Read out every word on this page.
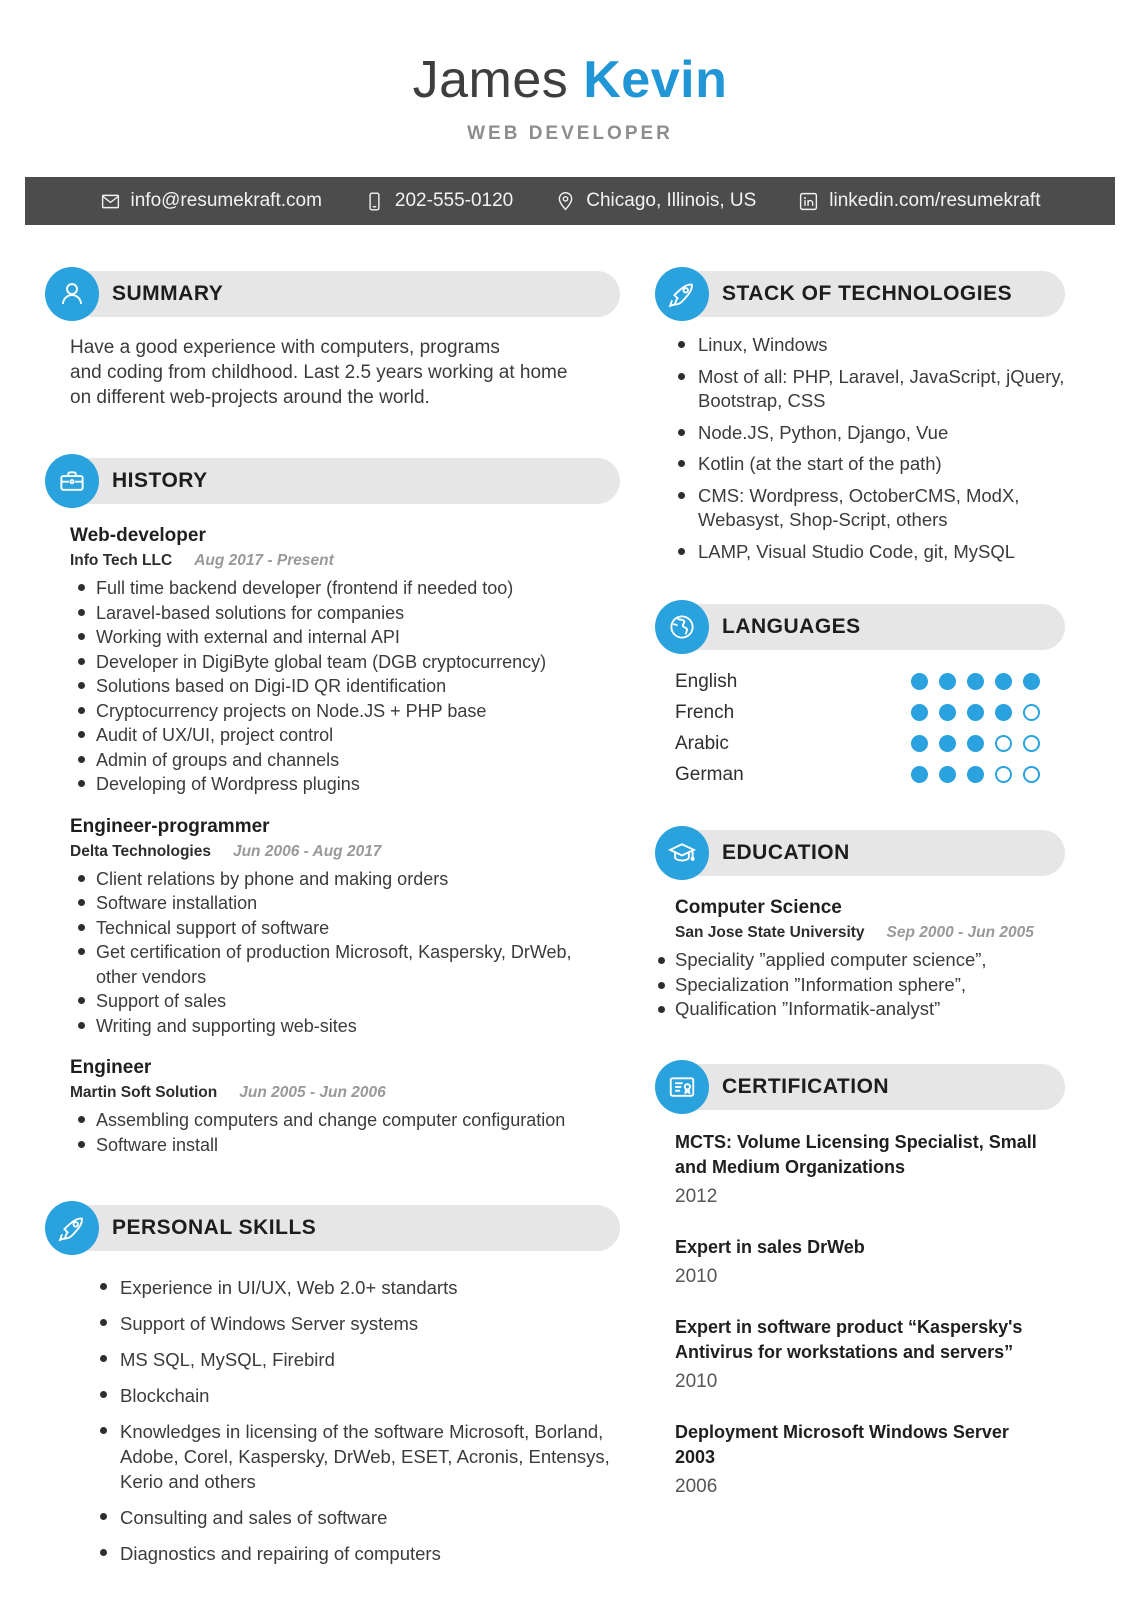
James Kevin
WEB DEVELOPER
info@resumekraft.com	202-555-0120	Chicago, Illinois, US	linkedin.com/resumekraft
SUMMARY
Have a good experience with computers, programs
and coding from childhood. Last 2.5 years working at home
on different web-projects around the world.
HISTORY
Web-developer
Info Tech LLC Aug 2017 - Present
Full time backend developer (frontend if needed too)
Laravel-based solutions for companies
Working with external and internal API
Developer in DigiByte global team (DGB cryptocurrency)
Solutions based on Digi-ID QR identification
Cryptocurrency projects on Node.JS + PHP base
Audit of UX/UI, project control
Admin of groups and channels
Developing of Wordpress plugins
Engineer-programmer
Delta Technologies Jun 2006 - Aug 2017
Client relations by phone and making orders
Software installation
Technical support of software
Get certification of production Microsoft, Kaspersky, DrWeb, other vendors
Support of sales
Writing and supporting web-sites
Engineer
Martin Soft Solution Jun 2005 - Jun 2006
Assembling computers and change computer configuration
Software install
PERSONAL SKILLS
Experience in UI/UX, Web 2.0+ standarts
Support of Windows Server systems
MS SQL, MySQL, Firebird
Blockchain
Knowledges in licensing of the software Microsoft, Borland, Adobe, Corel, Kaspersky, DrWeb, ESET, Acronis, Entensys, Kerio and others
Consulting and sales of software
Diagnostics and repairing of computers
STACK OF TECHNOLOGIES
Linux, Windows
Most of all: PHP, Laravel, JavaScript, jQuery, Bootstrap, CSS
Node.JS, Python, Django, Vue
Kotlin (at the start of the path)
CMS: Wordpress, OctoberCMS, ModX, Webasyst, Shop-Script, others
LAMP, Visual Studio Code, git, MySQL
LANGUAGES
English
French
Arabic
German
EDUCATION
Computer Science
San Jose State University Sep 2000 - Jun 2005
Speciality ”applied computer science”,
Specialization ”Information sphere”,
Qualification ”Informatik-analyst”
CERTIFICATION
MCTS: Volume Licensing Specialist, Small and Medium Organizations
2012
Expert in sales DrWeb
2010
Expert in software product “Kaspersky's Antivirus for workstations and servers”
2010
Deployment Microsoft Windows Server 2003
2006
